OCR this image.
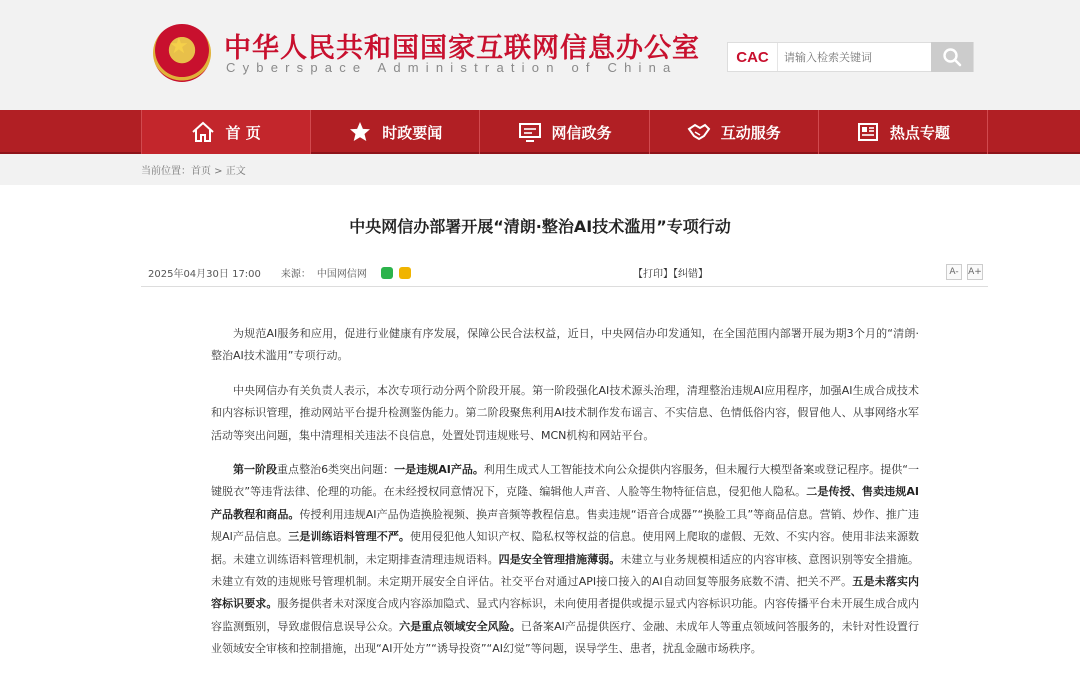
★ 中华人民共和国国家互联网信息办公室
Cyberspace Administration of China
CAC
请输入检索关键词
首 页	时政要闻	网信政务	互动服务	热点专题
当前位置：首页 > 正文
中央网信办部署开展“清朗·整治AI技术滥用”专项行动
2025年04月30日 17:00 来源： 中国网信网	【打印】【纠错】	A-	A+

为规范AI服务和应用，促进行业健康有序发展，保障公民合法权益，近日，中央网信办印发通知，在全国范围内部署开展为期3个月的“清朗·整治AI技术滥用”专项行动。

中央网信办有关负责人表示，本次专项行动分两个阶段开展。第一阶段强化AI技术源头治理，清理整治违规AI应用程序，加强AI生成合成技术和内容标识管理，推动网站平台提升检测鉴伪能力。第二阶段聚焦利用AI技术制作发布谣言、不实信息、色情低俗内容，假冒他人、从事网络水军活动等突出问题，集中清理相关违法不良信息，处置处罚违规账号、MCN机构和网站平台。

第一阶段重点整治6类突出问题：一是违规AI产品。利用生成式人工智能技术向公众提供内容服务，但未履行大模型备案或登记程序。提供“一键脱衣”等违背法律、伦理的功能。在未经授权同意情况下，克隆、编辑他人声音、人脸等生物特征信息，侵犯他人隐私。二是传授、售卖违规AI产品教程和商品。传授利用违规AI产品伪造换脸视频、换声音频等教程信息。售卖违规“语音合成器”“换脸工具”等商品信息。营销、炒作、推广违规AI产品信息。三是训练语料管理不严。使用侵犯他人知识产权、隐私权等权益的信息。使用网上爬取的虚假、无效、不实内容。使用非法来源数据。未建立训练语料管理机制，未定期排查清理违规语料。四是安全管理措施薄弱。未建立与业务规模相适应的内容审核、意图识别等安全措施。未建立有效的违规账号管理机制。未定期开展安全自评估。社交平台对通过API接口接入的AI自动回复等服务底数不清、把关不严。五是未落实内容标识要求。服务提供者未对深度合成内容添加隐式、显式内容标识，未向使用者提供或提示显式内容标识功能。内容传播平台未开展生成合成内容监测甄别，导致虚假信息误导公众。六是重点领域安全风险。已备案AI产品提供医疗、金融、未成年人等重点领域问答服务的，未针对性设置行业领域安全审核和控制措施，出现“AI开处方”“诱导投资”“AI幻觉”等问题，误导学生、患者，扰乱金融市场秩序。
